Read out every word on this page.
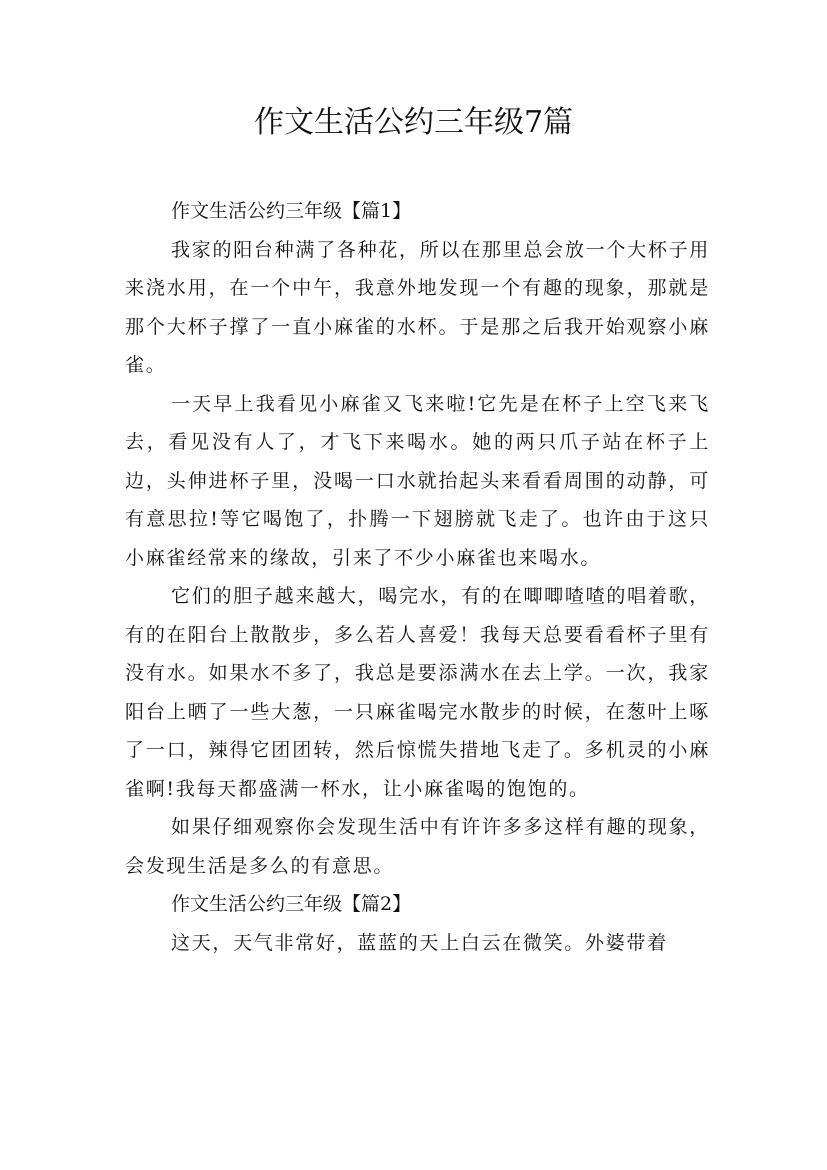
作文生活公约三年级7篇

作文生活公约三年级【篇1】

我家的阳台种满了各种花，所以在那里总会放一个大杯子用来浇水用，在一个中午，我意外地发现一个有趣的现象，那就是那个大杯子撑了一直小麻雀的水杯。于是那之后我开始观察小麻雀。

一天早上我看见小麻雀又飞来啦!它先是在杯子上空飞来飞去，看见没有人了，才飞下来喝水。她的两只爪子站在杯子上边，头伸进杯子里，没喝一口水就抬起头来看看周围的动静，可有意思拉!等它喝饱了，扑腾一下翅膀就飞走了。也许由于这只小麻雀经常来的缘故，引来了不少小麻雀也来喝水。

它们的胆子越来越大，喝完水，有的在唧唧喳喳的唱着歌，有的在阳台上散散步，多么若人喜爱！我每天总要看看杯子里有没有水。如果水不多了，我总是要添满水在去上学。一次，我家阳台上晒了一些大葱，一只麻雀喝完水散步的时候，在葱叶上啄了一口，辣得它团团转，然后惊慌失措地飞走了。多机灵的小麻雀啊!我每天都盛满一杯水，让小麻雀喝的饱饱的。

如果仔细观察你会发现生活中有许许多多这样有趣的现象，会发现生活是多么的有意思。

作文生活公约三年级【篇2】

这天，天气非常好，蓝蓝的天上白云在微笑。外婆带着
